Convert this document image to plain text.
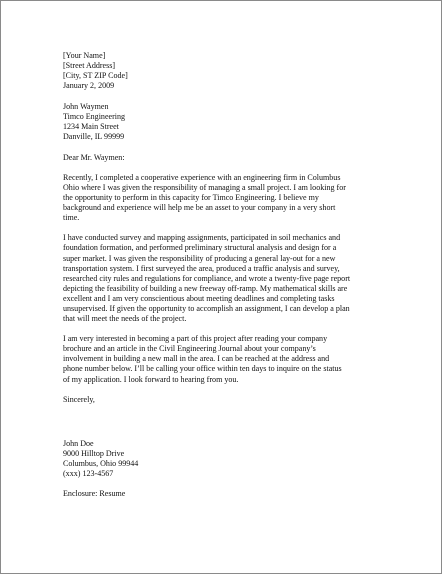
[Your Name]
[Street Address]
[City, ST ZIP Code]
January 2, 2009
John Waymen
Timco Engineering
1234 Main Street
Danville, IL 99999
Dear Mr. Waymen:
Recently, I completed a cooperative experience with an engineering firm in Columbus
Ohio where I was given the responsibility of managing a small project. I am looking for
the opportunity to perform in this capacity for Timco Engineering. I believe my
background and experience will help me be an asset to your company in a very short
time.
I have conducted survey and mapping assignments, participated in soil mechanics and
foundation formation, and performed preliminary structural analysis and design for a
super market. I was given the responsibility of producing a general lay-out for a new
transportation system. I first surveyed the area, produced a traffic analysis and survey,
researched city rules and regulations for compliance, and wrote a twenty-five page report
depicting the feasibility of building a new freeway off-ramp. My mathematical skills are
excellent and I am very conscientious about meeting deadlines and completing tasks
unsupervised. If given the opportunity to accomplish an assignment, I can develop a plan
that will meet the needs of the project.
I am very interested in becoming a part of this project after reading your company
brochure and an article in the Civil Engineering Journal about your company’s
involvement in building a new mall in the area. I can be reached at the address and
phone number below. I’ll be calling your office within ten days to inquire on the status
of my application. I look forward to hearing from you.
Sincerely,
John Doe
9000 Hilltop Drive
Columbus, Ohio 99944
(xxx) 123-4567
Enclosure: Resume
